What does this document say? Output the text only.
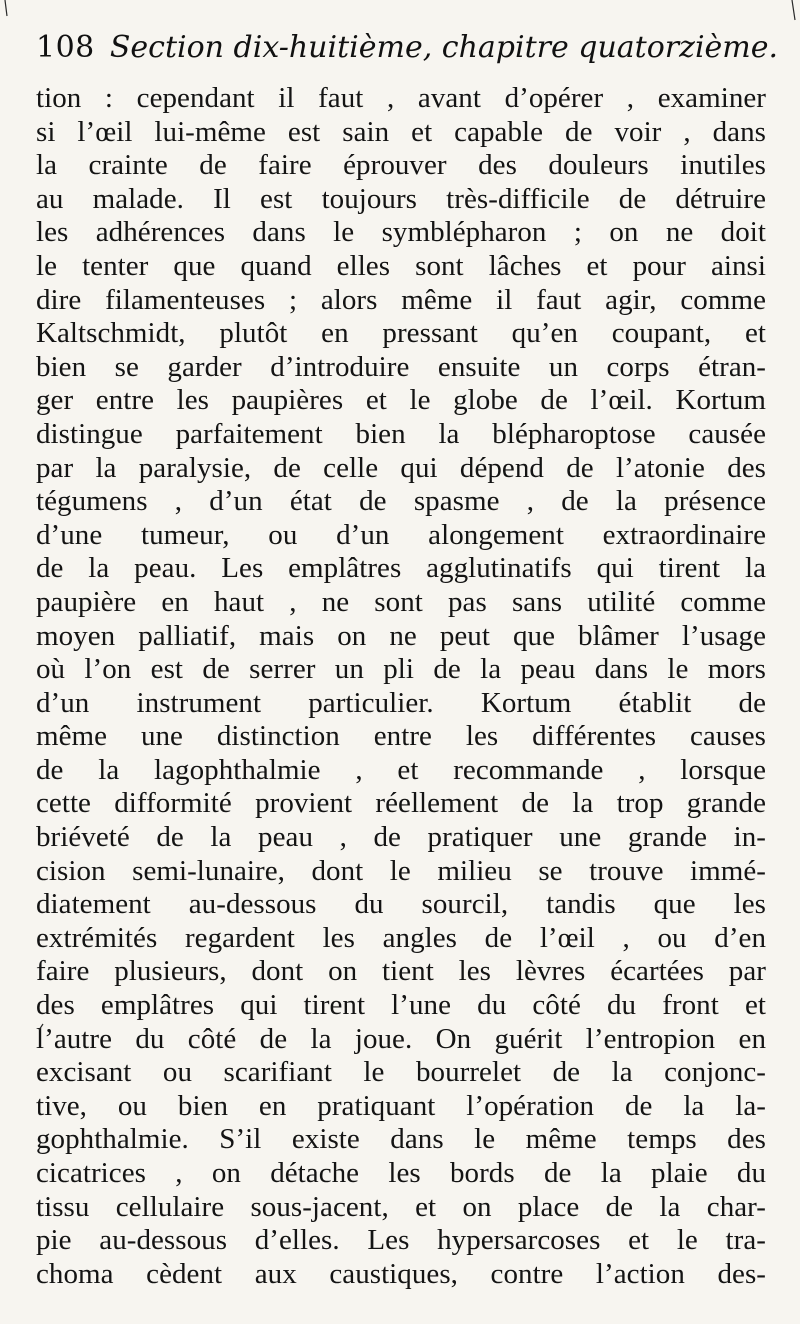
108 Section dix-huitième, chapitre quatorzième.
tion : cependant il faut , avant d’opérer , examiner
si l’œil lui-même est sain et capable de voir , dans
la crainte de faire éprouver des douleurs inutiles
au malade. Il est toujours très-difficile de détruire
les adhérences dans le symblépharon ; on ne doit
le tenter que quand elles sont lâches et pour ainsi
dire filamenteuses ; alors même il faut agir, comme
Kaltschmidt, plutôt en pressant qu’en coupant, et
bien se garder d’introduire ensuite un corps étran-
ger entre les paupières et le globe de l’œil. Kortum
distingue parfaitement bien la blépharoptose causée
par la paralysie, de celle qui dépend de l’atonie des
tégumens , d’un état de spasme , de la présence
d’une tumeur, ou d’un alongement extraordinaire
de la peau. Les emplâtres agglutinatifs qui tirent la
paupière en haut , ne sont pas sans utilité comme
moyen palliatif, mais on ne peut que blâmer l’usage
où l’on est de serrer un pli de la peau dans le mors
d’un instrument particulier. Kortum établit de
même une distinction entre les différentes causes
de la lagophthalmie , et recommande , lorsque
cette difformité provient réellement de la trop grande
briéveté de la peau , de pratiquer une grande in-
cision semi-lunaire, dont le milieu se trouve immé-
diatement au-dessous du sourcil, tandis que les
extrémités regardent les angles de l’œil , ou d’en
faire plusieurs, dont on tient les lèvres écartées par
des emplâtres qui tirent l’une du côté du front et
l’autre du côté de la joue. On guérit l’entropion en
excisant ou scarifiant le bourrelet de la conjonc-
tive, ou bien en pratiquant l’opération de la la-
gophthalmie. S’il existe dans le même temps des
cicatrices , on détache les bords de la plaie du
tissu cellulaire sous-jacent, et on place de la char-
pie au-dessous d’elles. Les hypersarcoses et le tra-
choma cèdent aux caustiques, contre l’action des-
